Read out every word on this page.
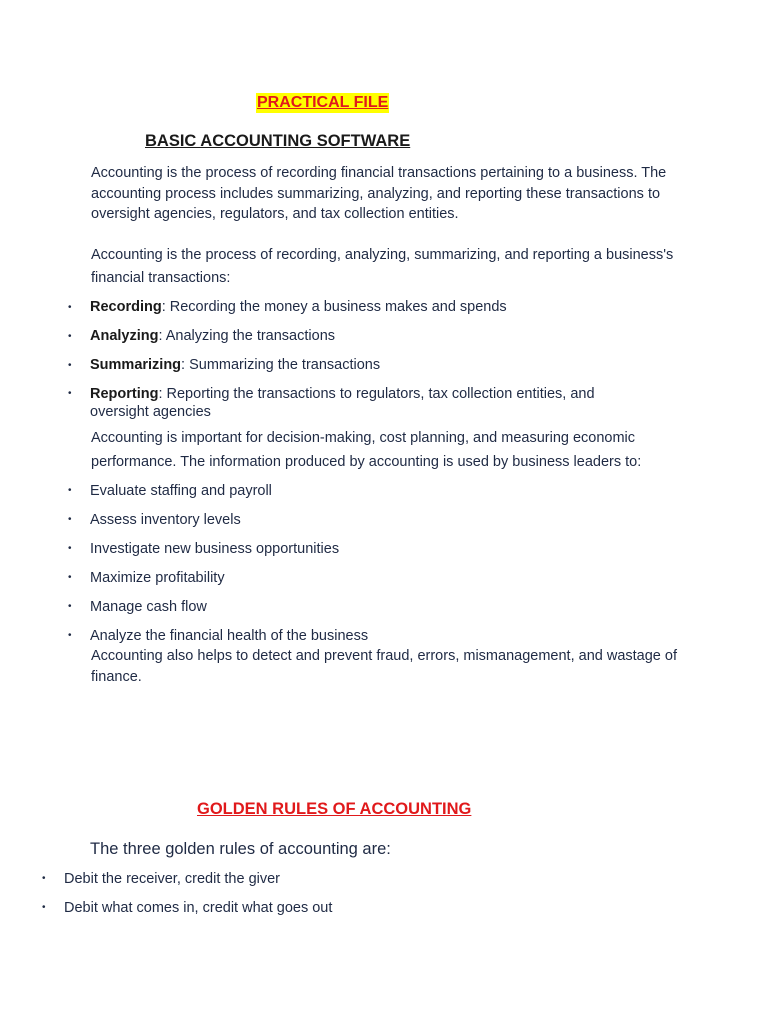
PRACTICAL FILE
BASIC ACCOUNTING SOFTWARE
Accounting is the process of recording financial transactions pertaining to a business. The accounting process includes summarizing, analyzing, and reporting these transactions to oversight agencies, regulators, and tax collection entities.
Accounting is the process of recording, analyzing, summarizing, and reporting a business's financial transactions:
• Recording: Recording the money a business makes and spends
• Analyzing: Analyzing the transactions
• Summarizing: Summarizing the transactions
• Reporting: Reporting the transactions to regulators, tax collection entities, and oversight agencies
Accounting is important for decision-making, cost planning, and measuring economic performance. The information produced by accounting is used by business leaders to:
• Evaluate staffing and payroll
• Assess inventory levels
• Investigate new business opportunities
• Maximize profitability
• Manage cash flow
• Analyze the financial health of the business
Accounting also helps to detect and prevent fraud, errors, mismanagement, and wastage of finance.
GOLDEN RULES OF ACCOUNTING
The three golden rules of accounting are:
• Debit the receiver, credit the giver
• Debit what comes in, credit what goes out
